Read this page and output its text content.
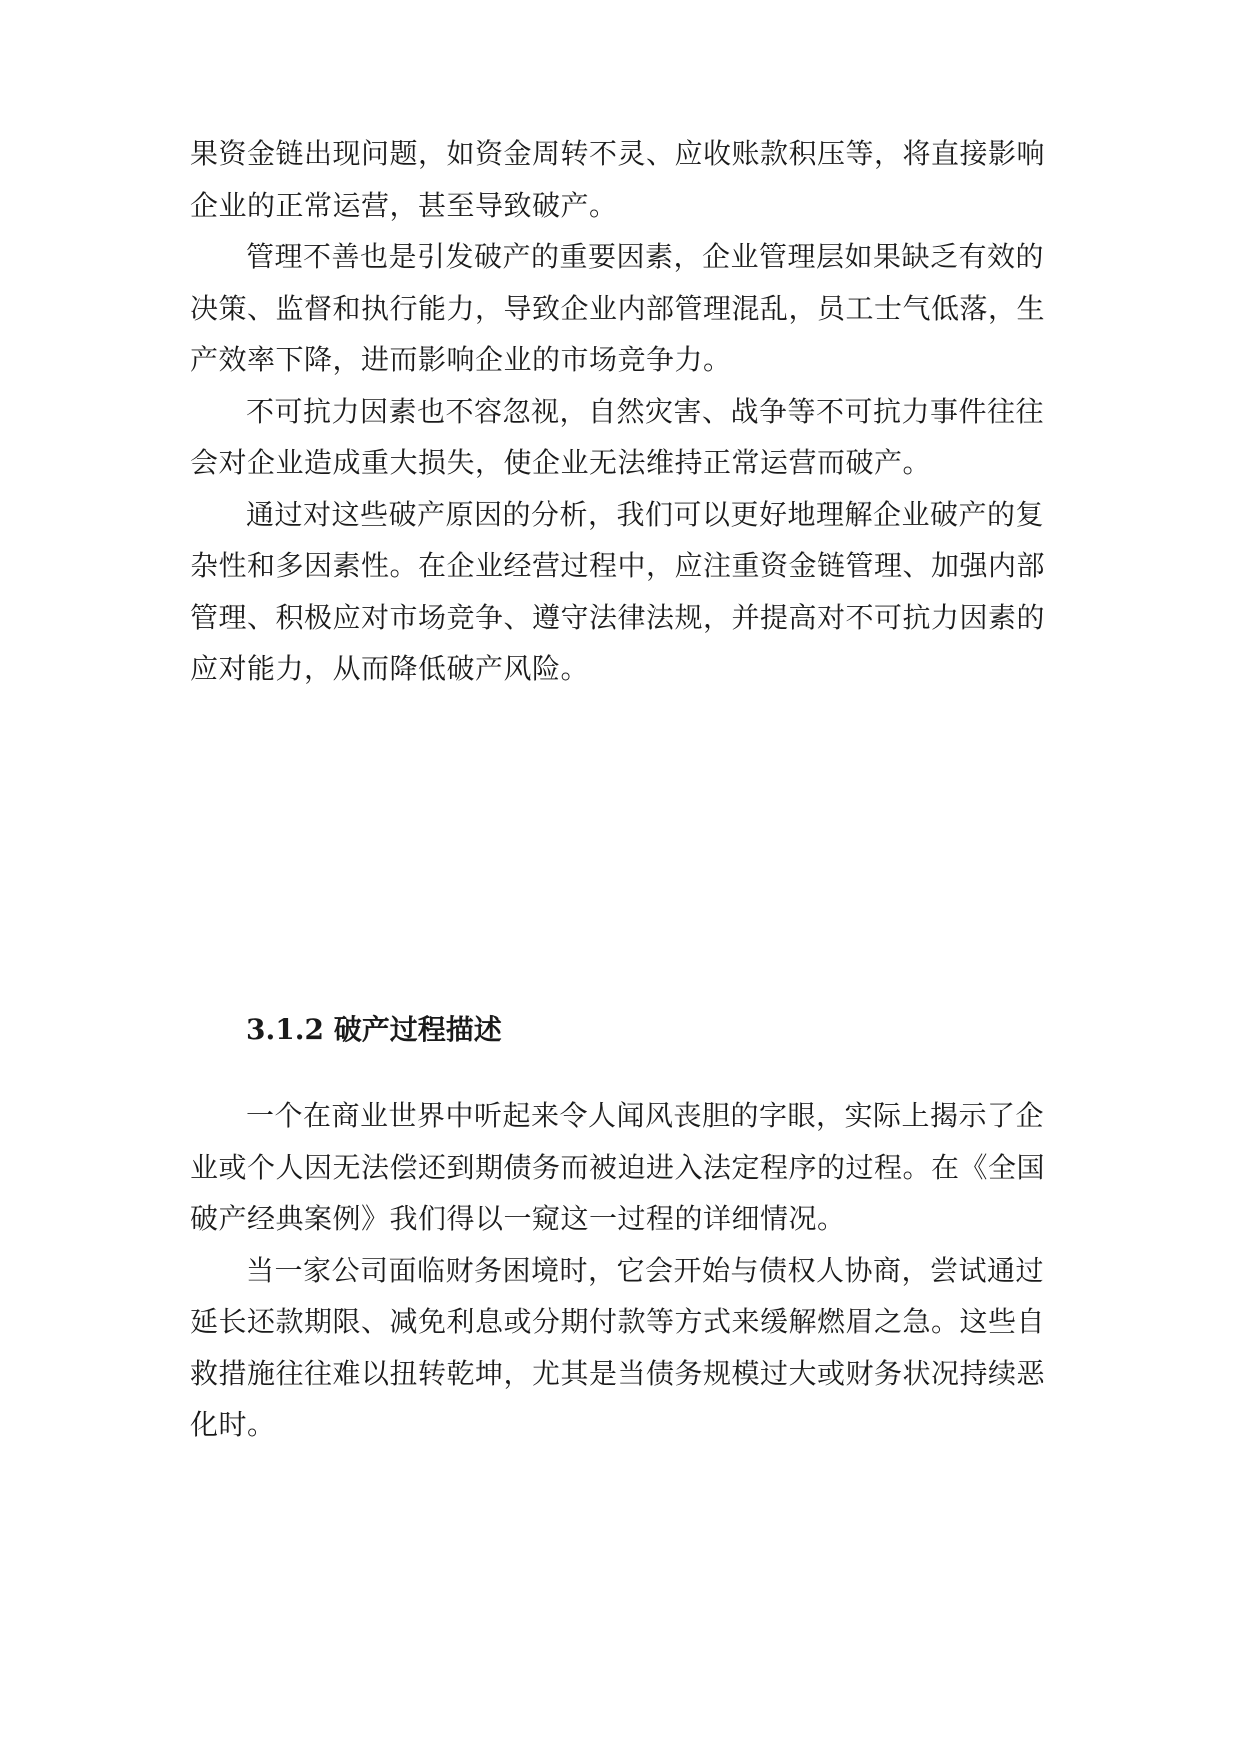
果资金链出现问题，如资金周转不灵、应收账款积压等，将直接影响企业的正常运营，甚至导致破产。

管理不善也是引发破产的重要因素，企业管理层如果缺乏有效的决策、监督和执行能力，导致企业内部管理混乱，员工士气低落，生产效率下降，进而影响企业的市场竞争力。

不可抗力因素也不容忽视，自然灾害、战争等不可抗力事件往往会对企业造成重大损失，使企业无法维持正常运营而破产。

通过对这些破产原因的分析，我们可以更好地理解企业破产的复杂性和多因素性。在企业经营过程中，应注重资金链管理、加强内部管理、积极应对市场竞争、遵守法律法规，并提高对不可抗力因素的应对能力，从而降低破产风险。

3.1.2 破产过程描述

一个在商业世界中听起来令人闻风丧胆的字眼，实际上揭示了企业或个人因无法偿还到期债务而被迫进入法定程序的过程。在《全国破产经典案例》我们得以一窥这一过程的详细情况。

当一家公司面临财务困境时，它会开始与债权人协商，尝试通过延长还款期限、减免利息或分期付款等方式来缓解燃眉之急。这些自救措施往往难以扭转乾坤，尤其是当债务规模过大或财务状况持续恶化时。
